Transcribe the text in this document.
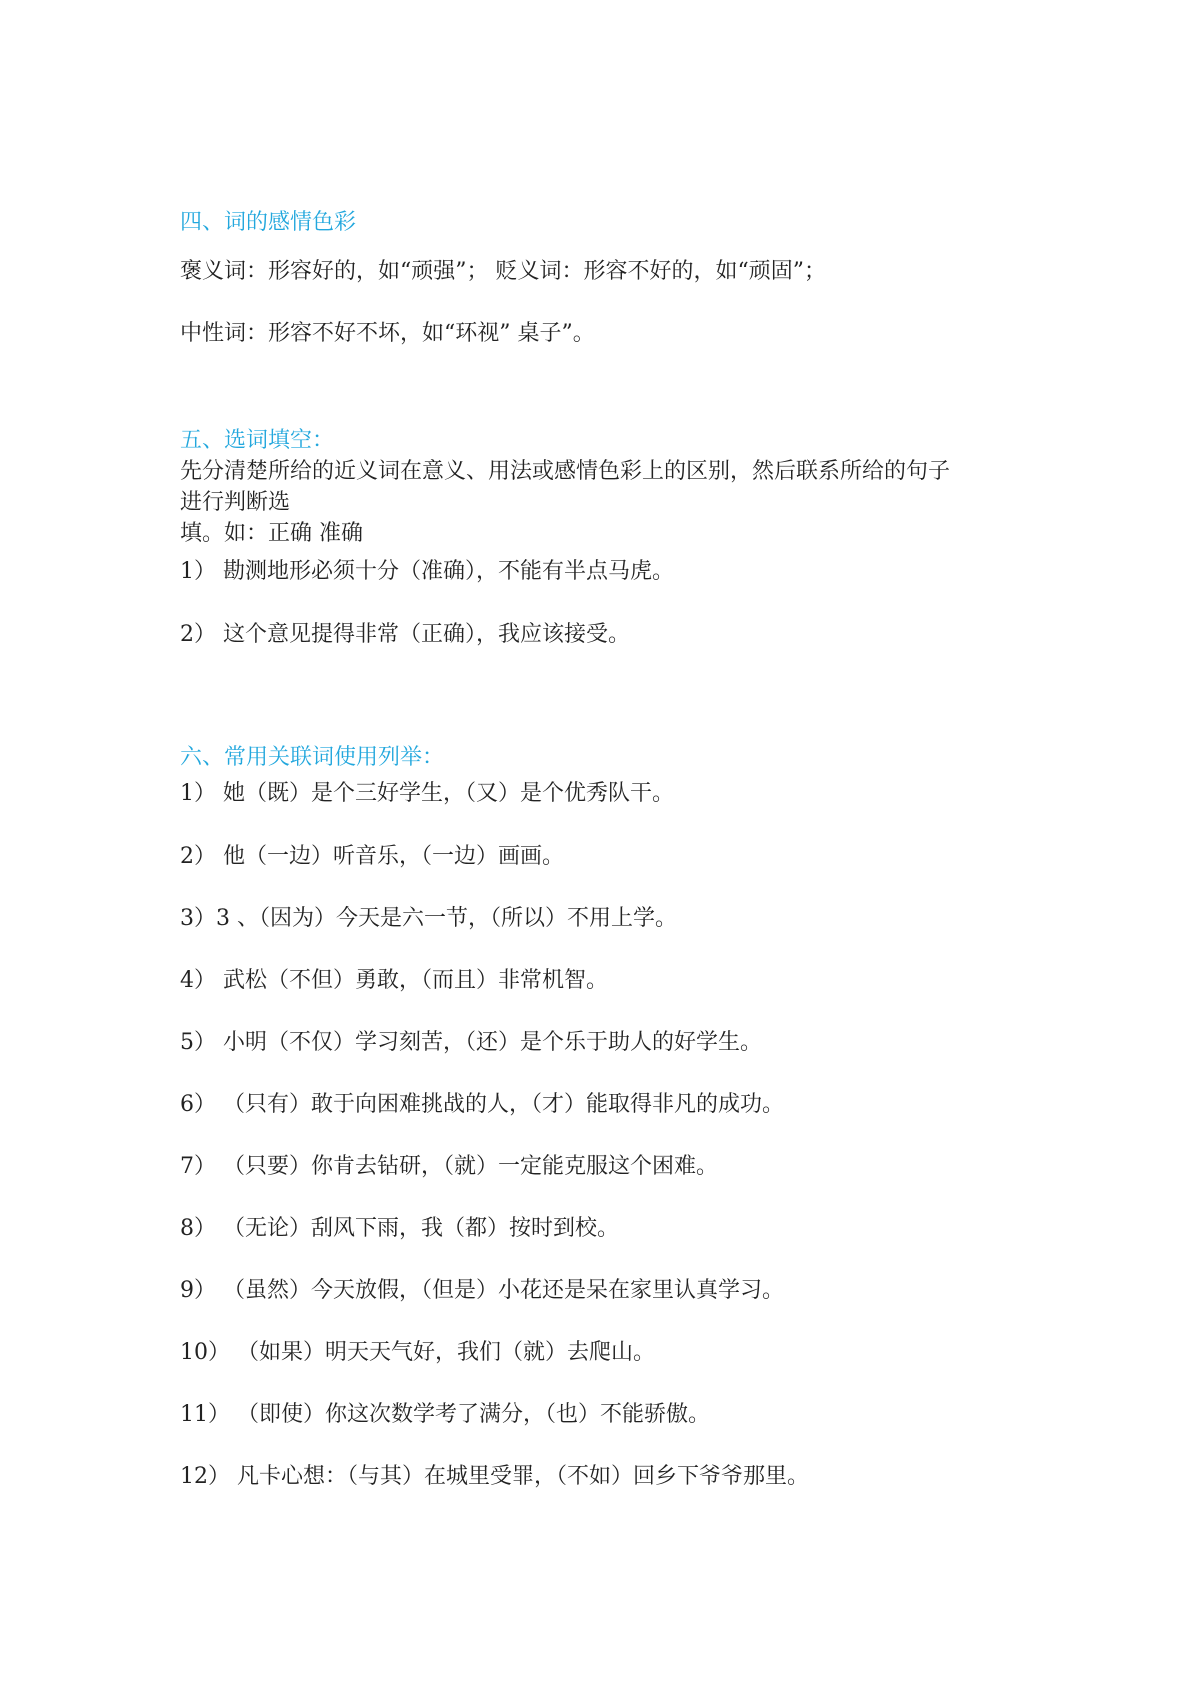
四、词的感情色彩
褒义词：形容好的，如“顽强”； 贬义词：形容不好的，如“顽固”；
中性词：形容不好不坏，如“环视” 桌子”。
五、选词填空：
先分清楚所给的近义词在意义、用法或感情色彩上的区别，然后联系所给的句子
进行判断选
填。如：正确 准确
1） 勘测地形必须十分（准确），不能有半点马虎。
2） 这个意见提得非常（正确），我应该接受。
六、常用关联词使用列举：
1） 她（既）是个三好学生，（又）是个优秀队干。
2） 他（一边）听音乐，（一边）画画。
3）3 、（因为）今天是六一节，（所以）不用上学。
4） 武松（不但）勇敢，（而且）非常机智。
5） 小明（不仅）学习刻苦，（还）是个乐于助人的好学生。
6） （只有）敢于向困难挑战的人，（才）能取得非凡的成功。
7） （只要）你肯去钻研，（就）一定能克服这个困难。
8） （无论）刮风下雨，我（都）按时到校。
9） （虽然）今天放假，（但是）小花还是呆在家里认真学习。
10） （如果）明天天气好，我们（就）去爬山。
11） （即使）你这次数学考了满分，（也）不能骄傲。
12） 凡卡心想：（与其）在城里受罪，（不如）回乡下爷爷那里。
